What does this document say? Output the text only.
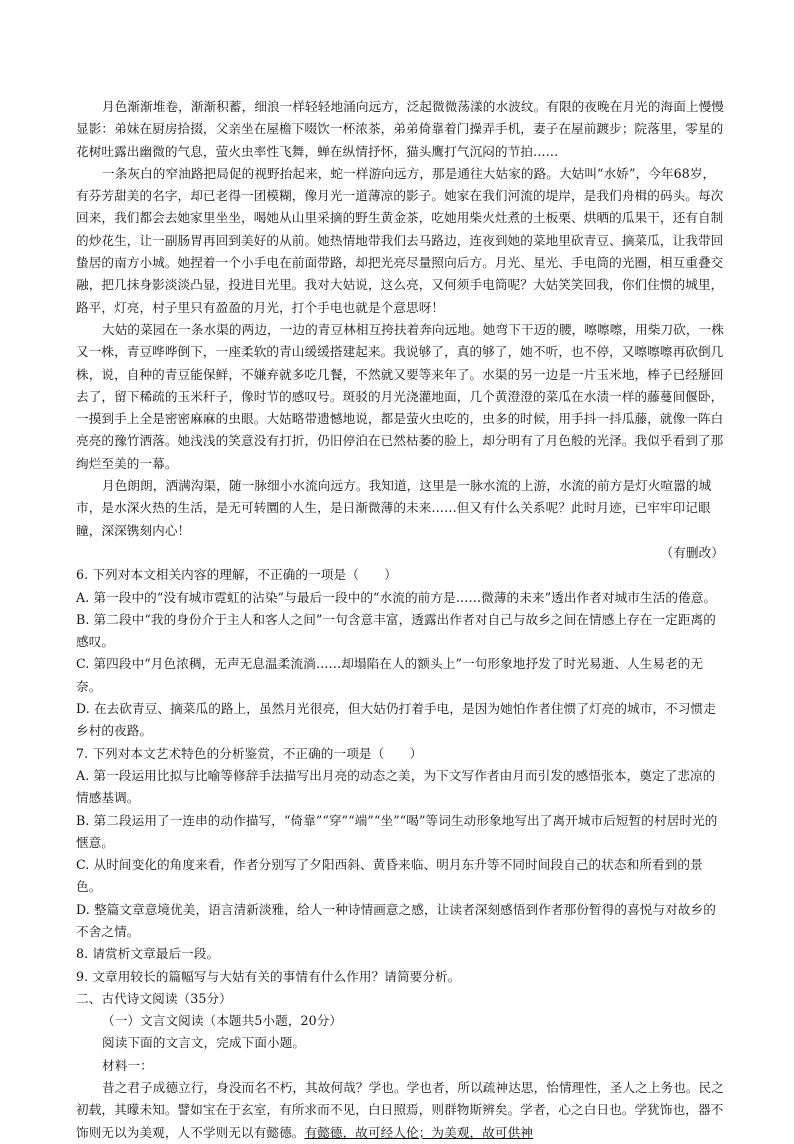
月色渐渐堆卷，渐渐积蓄，细浪一样轻轻地涌向远方，泛起微微荡漾的水波纹。有限的夜晚在月光的海面上慢慢显影：弟妹在厨房拾掇，父亲坐在屋檐下啜饮一杯浓茶，弟弟倚靠着门操弄手机，妻子在屋前踱步；院落里，零星的花树吐露出幽微的气息，萤火虫率性飞舞，蝉在纵情抒怀，猫头鹰打气沉闷的节拍……

一条灰白的窄油路把局促的视野抬起来，蛇一样游向远方，那是通往大姑家的路。大姑叫“水娇”，今年68岁，有芬芳甜美的名字，却已老得一团模糊，像月光一道薄凉的影子。她家在我们河流的堤岸，是我们舟楫的码头。每次回来，我们都会去她家里坐坐，喝她从山里采摘的野生黄金茶，吃她用柴火灶煮的土板栗、烘晒的瓜果干，还有自制的炒花生，让一副肠胃再回到美好的从前。她热情地带我们去马路边，连夜到她的菜地里砍青豆、摘菜瓜，让我带回蛰居的南方小城。她捏着一个小手电在前面带路，却把光亮尽量照向后方。月光、星光、手电筒的光圈，相互重叠交融，把几抹身影淡淡凸显，投进目光里。我对大姑说，这么亮，又何须手电筒呢？大姑笑笑回我，你们住惯的城里，路平，灯亮，村子里只有盈盈的月光，打个手电也就是个意思呀！

大姑的菜园在一条水渠的两边，一边的青豆林相互挎扶着奔向远地。她弯下干迈的腰，嚓嚓嚓，用柴刀砍，一株又一株，青豆哗哗倒下，一座柔软的青山缓缓搭建起来。我说够了，真的够了，她不听，也不停，又嚓嚓嚓再砍倒几株，说，自种的青豆能保鲜，不嫌弃就多吃几餐，不然就又要等来年了。水渠的另一边是一片玉米地，棒子已经掰回去了，留下稀疏的玉米秆子，像时节的感叹号。斑驳的月光浇灌地面，几个黄澄澄的菜瓜在水渍一样的藤蔓间偃卧，一摸到手上全是密密麻麻的虫眼。大姑略带遗憾地说，都是萤火虫吃的，虫多的时候，用手抖一抖瓜藤，就像一阵白亮亮的豫竹洒落。她浅浅的笑意没有打折，仍旧停泊在已然枯萎的脸上，却分明有了月色般的光泽。我似乎看到了那绚烂至美的一幕。

月色朗朗，洒满沟渠，随一脉细小水流向远方。我知道，这里是一脉水流的上游，水流的前方是灯火喧嚣的城市，是水深火热的生活，是无可转圜的人生，是日渐微薄的未来……但又有什么关系呢？此时月迹，已牢牢印记眼瞳，深深镌刻内心！

（有删改）

6. 下列对本文相关内容的理解，不正确的一项是（　　）

A. 第一段中的“没有城市霓虹的沾染”与最后一段中的“水流的前方是……微薄的未来”透出作者对城市生活的倦意。

B. 第二段中“我的身份介于主人和客人之间”一句含意丰富，透露出作者对自己与故乡之间在情感上存在一定距离的感叹。

C. 第四段中“月色浓稠，无声无息温柔流淌……却塌陷在人的额头上”一句形象地抒发了时光易逝、人生易老的无奈。

D. 在去砍青豆、摘菜瓜的路上，虽然月光很亮，但大姑仍打着手电，是因为她怕作者住惯了灯亮的城市，不习惯走乡村的夜路。

7. 下列对本文艺术特色的分析鉴赏，不正确的一项是（　　）

A. 第一段运用比拟与比喻等修辞手法描写出月亮的动态之美，为下文写作者由月而引发的感悟张本，奠定了悲凉的情感基调。

B. 第二段运用了一连串的动作描写，“倚靠”“穿”“端”“坐”“喝”等词生动形象地写出了离开城市后短暂的村居时光的惬意。

C. 从时间变化的角度来看，作者分别写了夕阳西斜、黄昏来临、明月东升等不同时间段自己的状态和所看到的景色。

D. 整篇文章意境优美，语言清新淡雅，给人一种诗情画意之感，让读者深刻感悟到作者那份暂得的喜悦与对故乡的不舍之情。

8. 请赏析文章最后一段。

9. 文章用较长的篇幅写与大姑有关的事情有什么作用？请简要分析。

二、古代诗文阅读（35分）

（一）文言文阅读（本题共5小题，20分）

阅读下面的文言文，完成下面小题。

材料一：

昔之君子成德立行，身没而名不朽，其故何哉？学也。学也者，所以疏神达思，怡情理性，圣人之上务也。民之初载，其曚未知。譬如宝在于玄室，有所求而不见，白日照焉，则群物斯辨矣。学者，心之白日也。学犹饰也，器不饰则无以为美观，人不学则无以有懿德。有懿德，故可经人伦；为美观，故可供神
